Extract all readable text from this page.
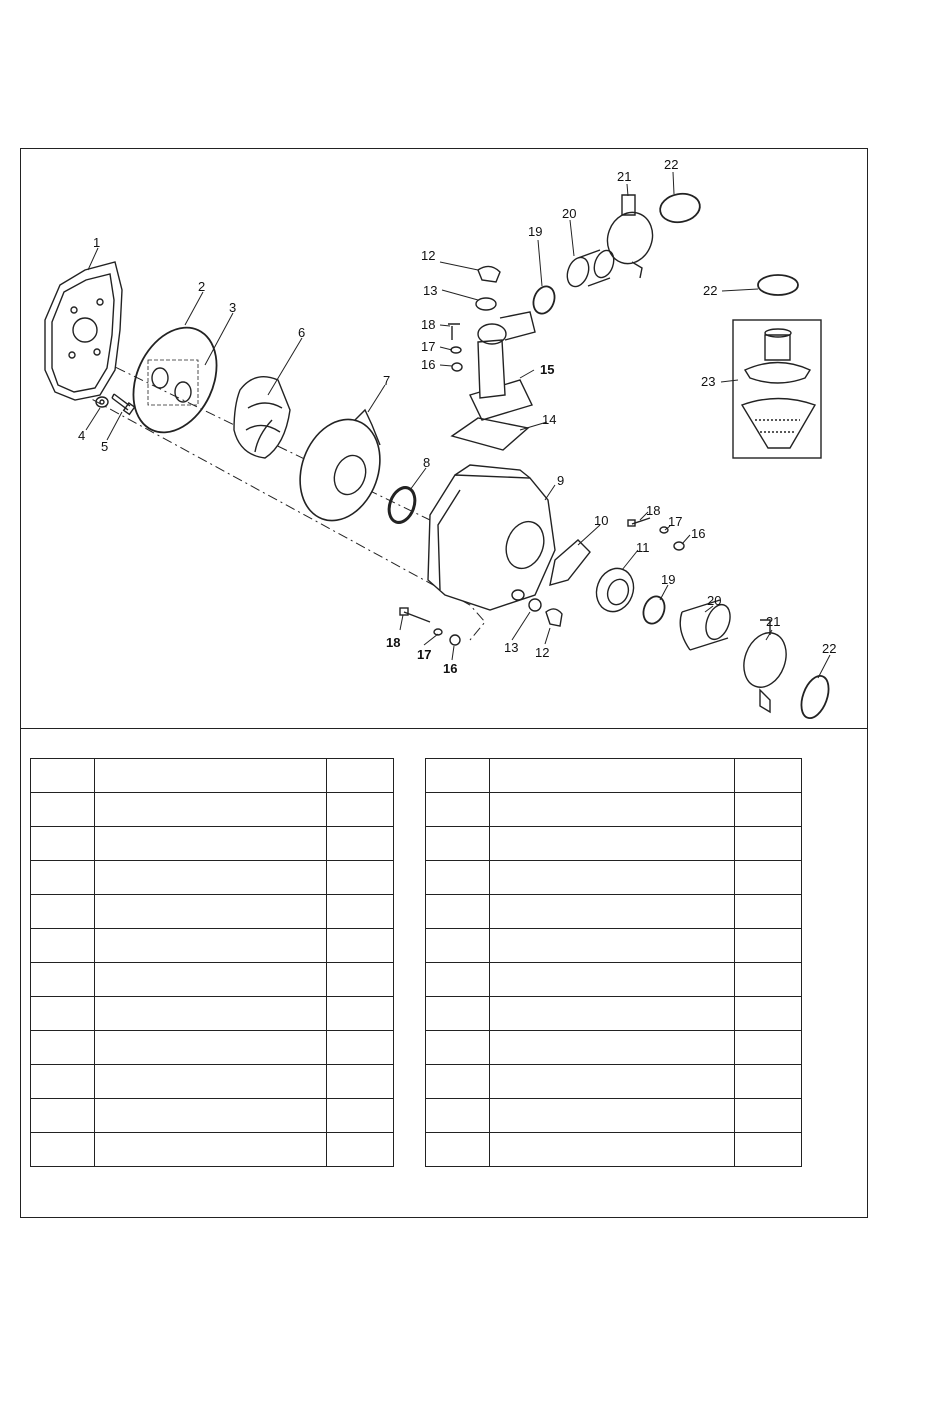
1
2
3
4
5
6
7
8
9
10
11
12
12
13
13
14
15
16
16
16
17
17
17
18
18
18
19
19
20
20
21
21
22
22
22
23
